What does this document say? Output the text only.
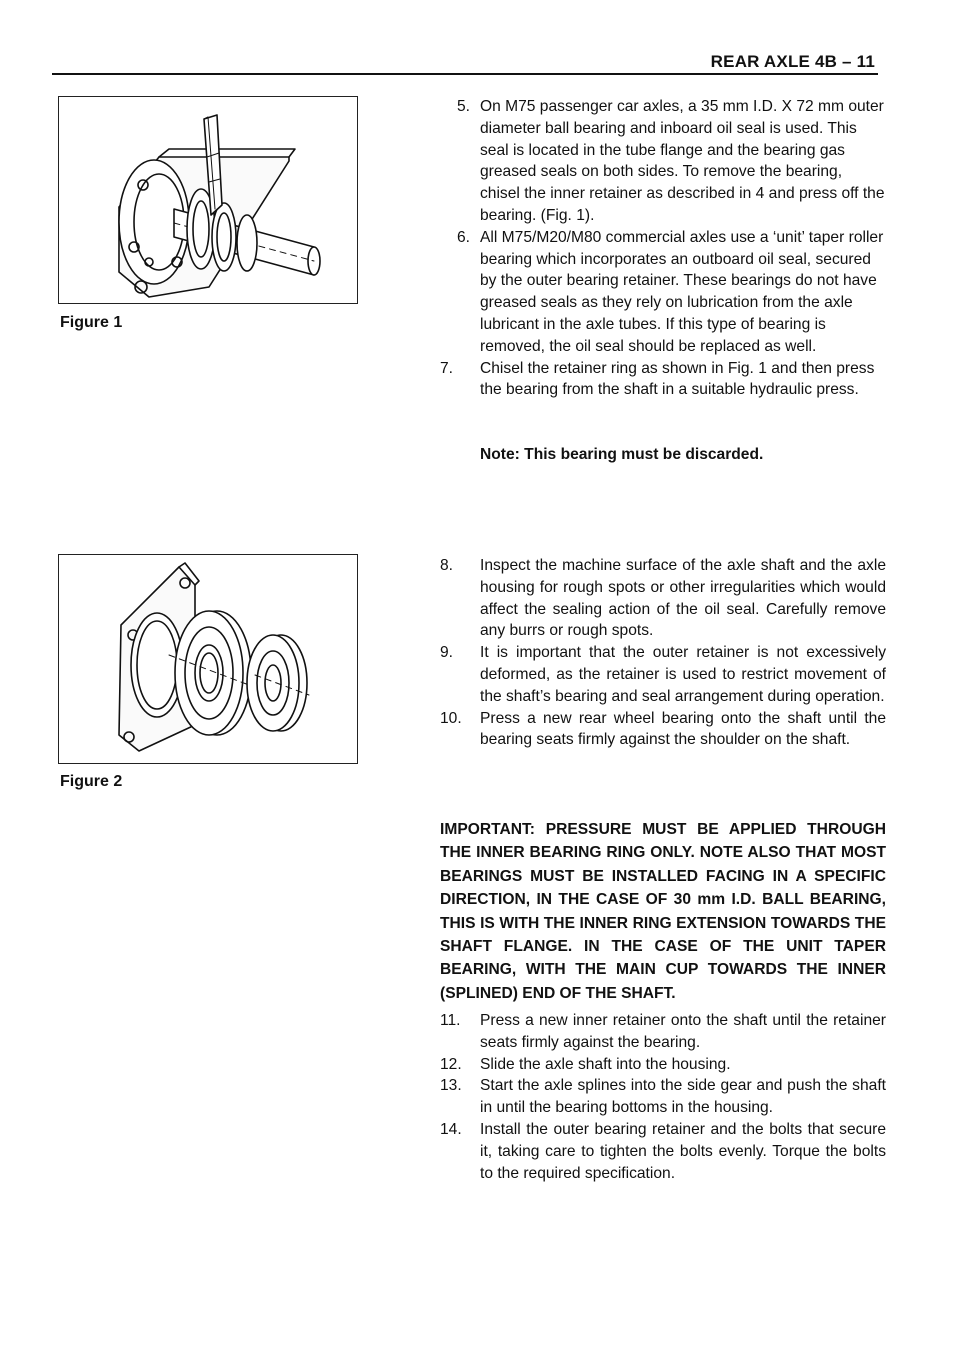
REAR AXLE 4B – 11
Figure 1
Figure 2
5. On M75 passenger car axles, a 35 mm I.D. X 72 mm outer diameter ball bearing and inboard oil seal is used. This seal is located in the tube flange and the bearing gas greased seals on both sides. To remove the bearing, chisel the inner retainer as described in 4 and press off the bearing. (Fig. 1).
6. All M75/M20/M80 commercial axles use a ‘unit’ taper roller bearing which incorporates an outboard oil seal, secured by the outer bearing retainer. These bearings do not have greased seals as they rely on lubrication from the axle lubricant in the axle tubes. If this type of bearing is removed, the oil seal should be replaced as well.
7.	Chisel the retainer ring as shown in Fig. 1 and then press the bearing from the shaft in a suitable hydraulic press.
Note: This bearing must be discarded.
8.	Inspect the machine surface of the axle shaft and the axle housing for rough spots or other irregularities which would affect the sealing action of the oil seal. Carefully remove any burrs or rough spots.
9.	It is important that the outer retainer is not excessively deformed, as the retainer is used to restrict movement of the shaft’s bearing and seal arrangement during operation.
10.	Press a new rear wheel bearing onto the shaft until the bearing seats firmly against the shoulder on the shaft.
IMPORTANT: PRESSURE MUST BE APPLIED THROUGH THE INNER BEARING RING ONLY. NOTE ALSO THAT MOST BEARINGS MUST BE INSTALLED FACING IN A SPECIFIC DIRECTION, IN THE CASE OF 30 mm I.D. BALL BEARING, THIS IS WITH THE INNER RING EXTENSION TOWARDS THE SHAFT FLANGE. IN THE CASE OF THE UNIT TAPER BEARING, WITH THE MAIN CUP TOWARDS THE INNER (SPLINED) END OF THE SHAFT.
11.	Press a new inner retainer onto the shaft until the retainer seats firmly against the bearing.
12.	Slide the axle shaft into the housing.
13.	Start the axle splines into the side gear and push the shaft in until the bearing bottoms in the housing.
14.	Install the outer bearing retainer and the bolts that secure it, taking care to tighten the bolts evenly. Torque the bolts to the required specification.
